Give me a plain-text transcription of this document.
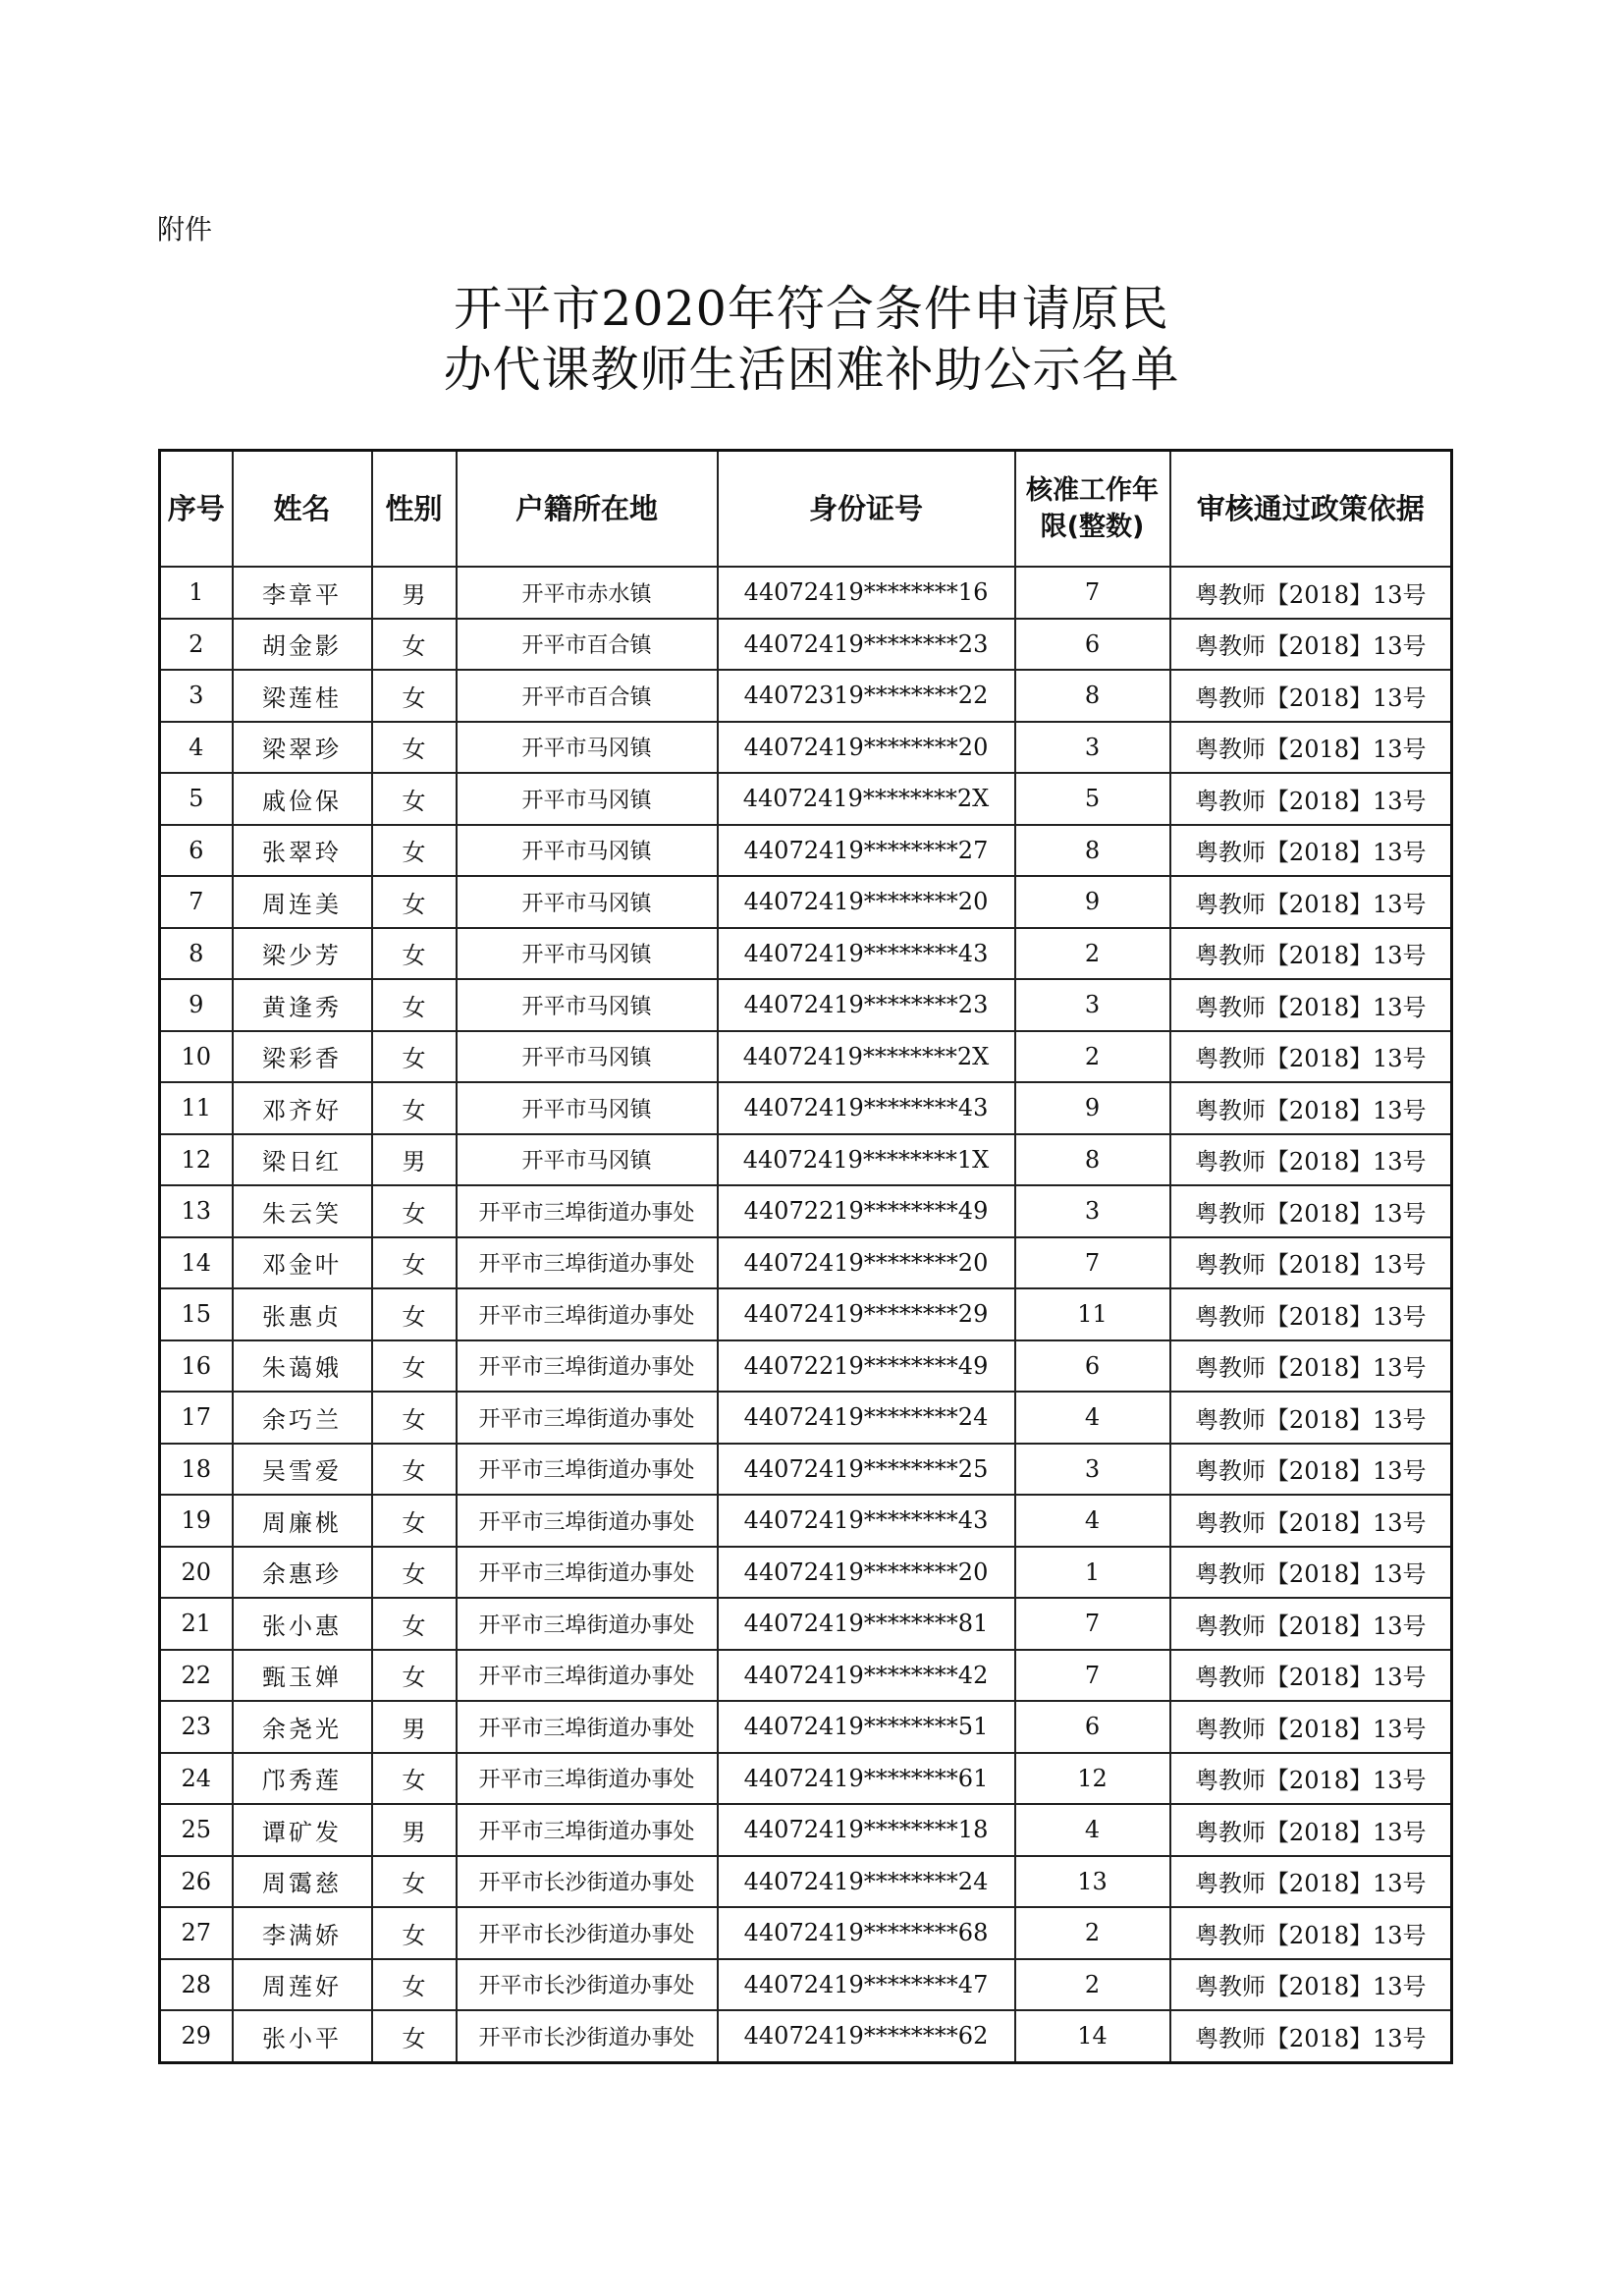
附件
开平市2020年符合条件申请原民
办代课教师生活困难补助公示名单
序号	姓名	性别	户籍所在地	身份证号	核准工作年限(整数)	审核通过政策依据
1	李章平	男	开平市赤水镇	44072419********16	7	粤教师【2018】13号
2	胡金影	女	开平市百合镇	44072419********23	6	粤教师【2018】13号
3	梁莲桂	女	开平市百合镇	44072319********22	8	粤教师【2018】13号
4	梁翠珍	女	开平市马冈镇	44072419********20	3	粤教师【2018】13号
5	戚俭保	女	开平市马冈镇	44072419********2X	5	粤教师【2018】13号
6	张翠玲	女	开平市马冈镇	44072419********27	8	粤教师【2018】13号
7	周连美	女	开平市马冈镇	44072419********20	9	粤教师【2018】13号
8	梁少芳	女	开平市马冈镇	44072419********43	2	粤教师【2018】13号
9	黄逢秀	女	开平市马冈镇	44072419********23	3	粤教师【2018】13号
10	梁彩香	女	开平市马冈镇	44072419********2X	2	粤教师【2018】13号
11	邓齐好	女	开平市马冈镇	44072419********43	9	粤教师【2018】13号
12	梁日红	男	开平市马冈镇	44072419********1X	8	粤教师【2018】13号
13	朱云笑	女	开平市三埠街道办事处	44072219********49	3	粤教师【2018】13号
14	邓金叶	女	开平市三埠街道办事处	44072419********20	7	粤教师【2018】13号
15	张惠贞	女	开平市三埠街道办事处	44072419********29	11	粤教师【2018】13号
16	朱蔼娥	女	开平市三埠街道办事处	44072219********49	6	粤教师【2018】13号
17	余巧兰	女	开平市三埠街道办事处	44072419********24	4	粤教师【2018】13号
18	吴雪爱	女	开平市三埠街道办事处	44072419********25	3	粤教师【2018】13号
19	周廉桃	女	开平市三埠街道办事处	44072419********43	4	粤教师【2018】13号
20	余惠珍	女	开平市三埠街道办事处	44072419********20	1	粤教师【2018】13号
21	张小惠	女	开平市三埠街道办事处	44072419********81	7	粤教师【2018】13号
22	甄玉婵	女	开平市三埠街道办事处	44072419********42	7	粤教师【2018】13号
23	余尧光	男	开平市三埠街道办事处	44072419********51	6	粤教师【2018】13号
24	邝秀莲	女	开平市三埠街道办事处	44072419********61	12	粤教师【2018】13号
25	谭矿发	男	开平市三埠街道办事处	44072419********18	4	粤教师【2018】13号
26	周霭慈	女	开平市长沙街道办事处	44072419********24	13	粤教师【2018】13号
27	李满娇	女	开平市长沙街道办事处	44072419********68	2	粤教师【2018】13号
28	周莲好	女	开平市长沙街道办事处	44072419********47	2	粤教师【2018】13号
29	张小平	女	开平市长沙街道办事处	44072419********62	14	粤教师【2018】13号
